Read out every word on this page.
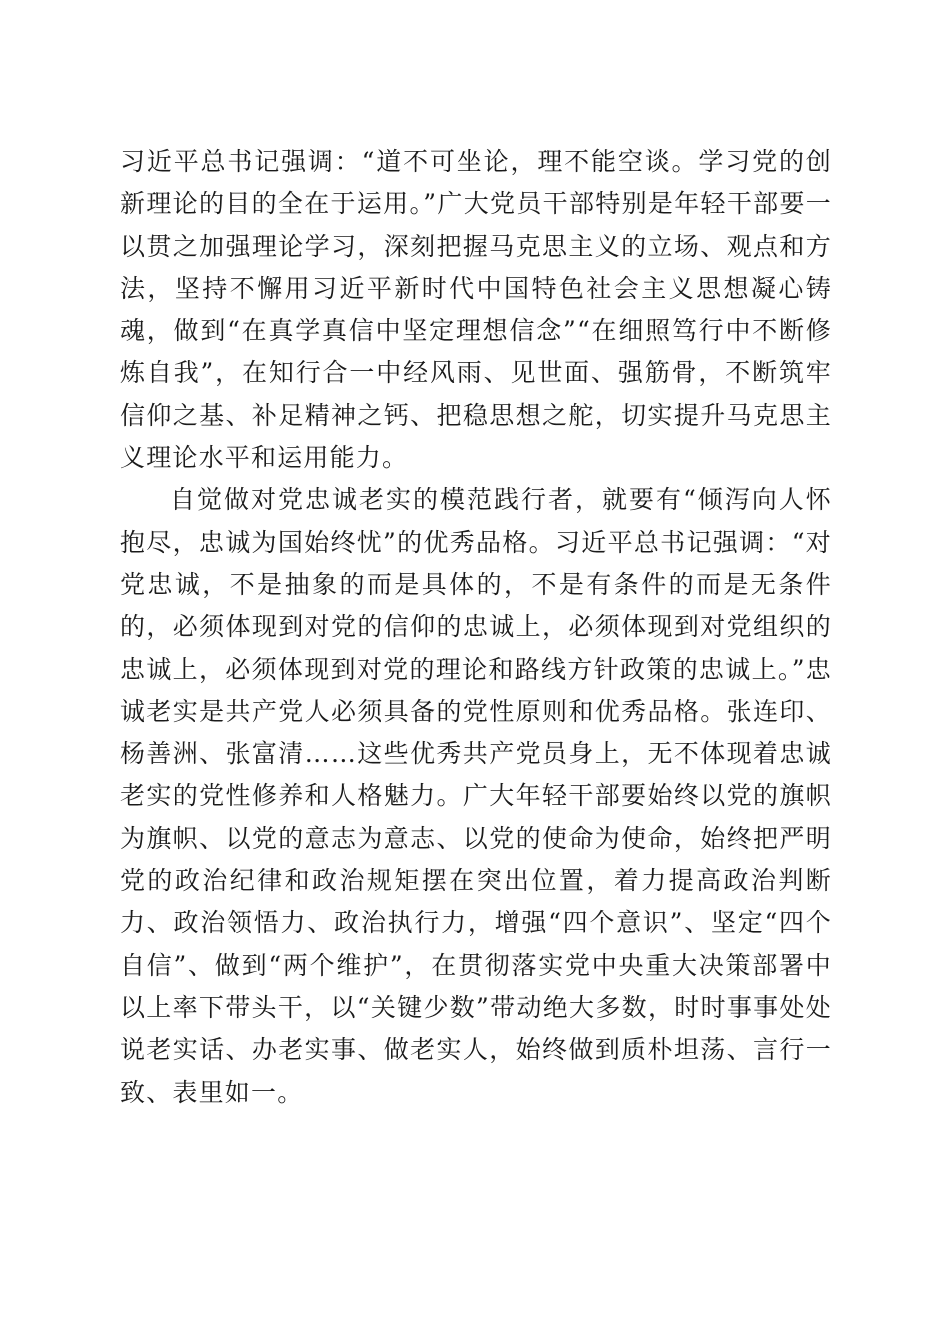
习近平总书记强调：“道不可坐论，理不能空谈。学习党的创新理论的目的全在于运用。”广大党员干部特别是年轻干部要一以贯之加强理论学习，深刻把握马克思主义的立场、观点和方法，坚持不懈用习近平新时代中国特色社会主义思想凝心铸魂，做到“在真学真信中坚定理想信念”“在细照笃行中不断修炼自我”，在知行合一中经风雨、见世面、强筋骨，不断筑牢信仰之基、补足精神之钙、把稳思想之舵，切实提升马克思主义理论水平和运用能力。

自觉做对党忠诚老实的模范践行者，就要有“倾泻向人怀抱尽，忠诚为国始终忧”的优秀品格。习近平总书记强调：“对党忠诚，不是抽象的而是具体的，不是有条件的而是无条件的，必须体现到对党的信仰的忠诚上，必须体现到对党组织的忠诚上，必须体现到对党的理论和路线方针政策的忠诚上。”忠诚老实是共产党人必须具备的党性原则和优秀品格。张连印、杨善洲、张富清……这些优秀共产党员身上，无不体现着忠诚老实的党性修养和人格魅力。广大年轻干部要始终以党的旗帜为旗帜、以党的意志为意志、以党的使命为使命，始终把严明党的政治纪律和政治规矩摆在突出位置，着力提高政治判断力、政治领悟力、政治执行力，增强“四个意识”、坚定“四个自信”、做到“两个维护”，在贯彻落实党中央重大决策部署中以上率下带头干，以“关键少数”带动绝大多数，时时事事处处说老实话、办老实事、做老实人，始终做到质朴坦荡、言行一致、表里如一。
